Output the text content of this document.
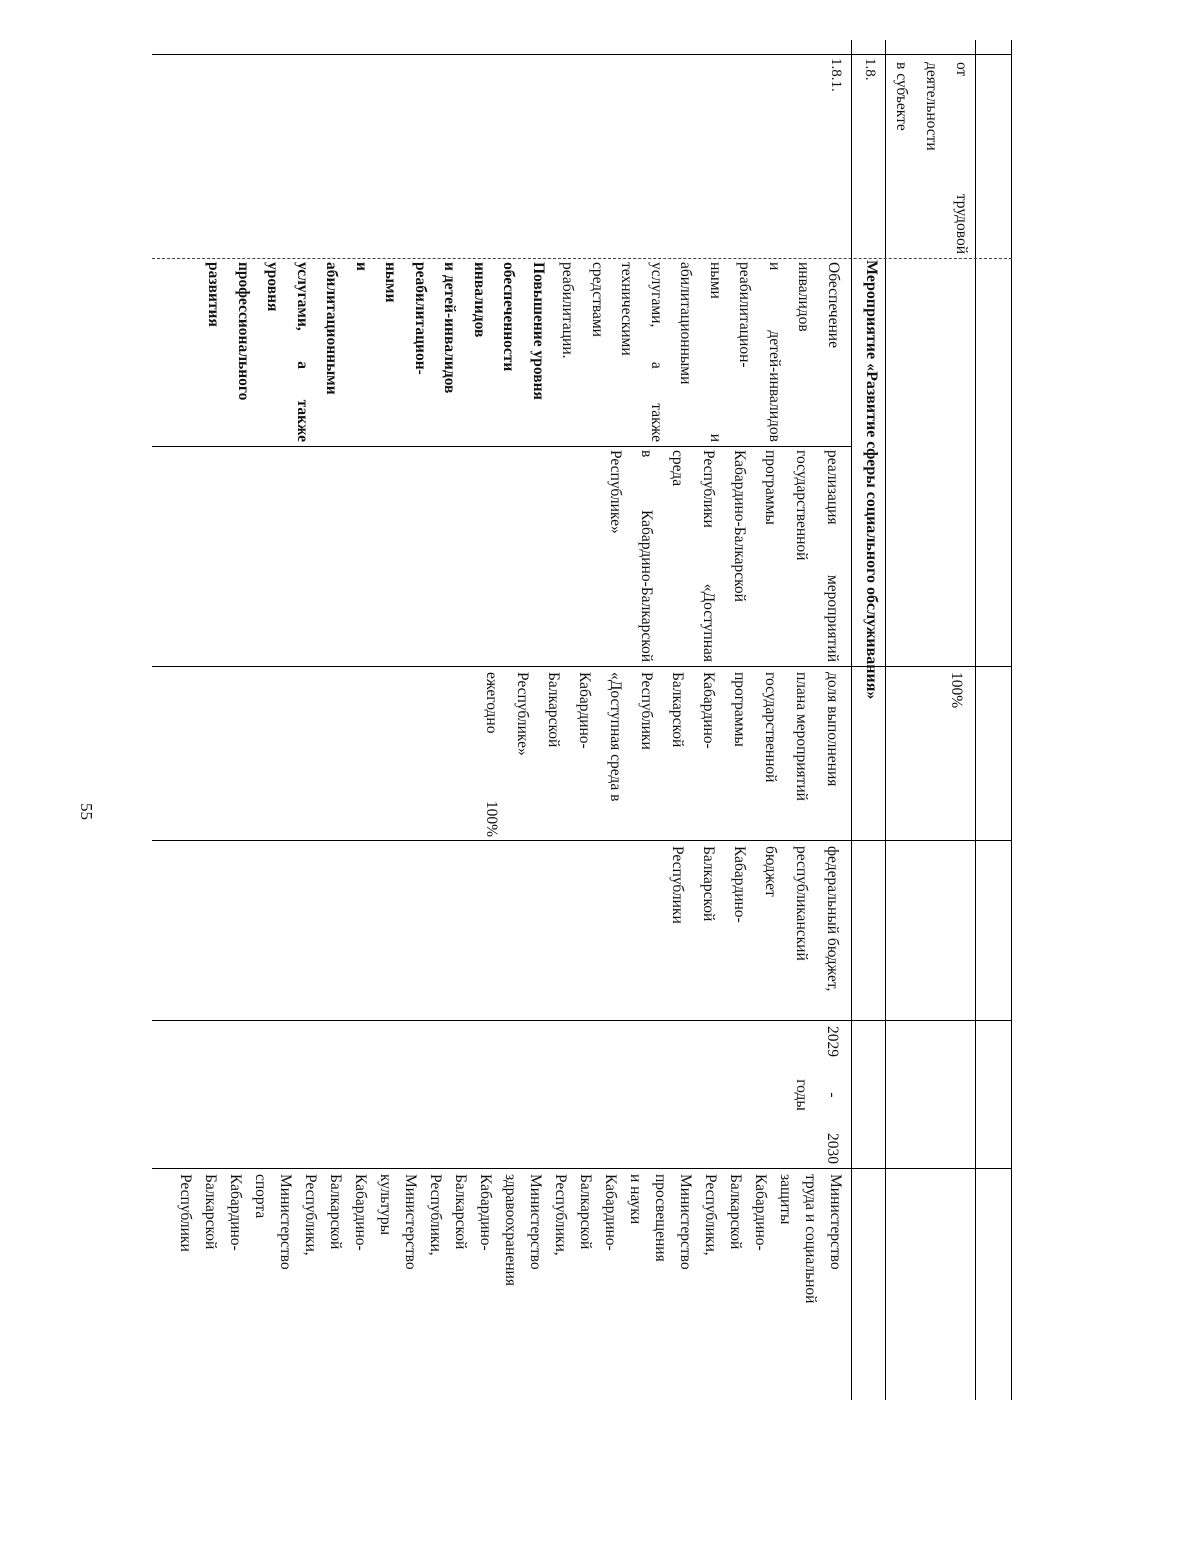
55
от трудовой
деятельности
в субъекте
100%
1.8.
Мероприятие «Развитие сферы социального обслуживания»
1.8.1.
Обеспечение
инвалидов
и детей-инвалидов
реабилитацион-
ными и
абилитационными
услугами, а также
техническими
средствами
реабилитации.
Повышение уровня
обеспеченности
инвалидов
и детей-инвалидов
реабилитацион-
ными
и
абилитационными
услугами, а также
уровня
профессионального
развития
реализация мероприятий
государственной
программы
Кабардино-Балкарской
Республики «Доступная
среда
в Кабардино-Балкарской
Республике»
доля выполнения
плана мероприятий
государственной
программы
Кабардино-
Балкарской
Республики
«Доступная среда в
Кабардино-
Балкарской
Республике»
ежегодно 100%
федеральный бюджет,
республиканский
бюджет
Кабардино-
Балкарской
Республики
2029 - 2030
годы
Министерство
труда и социальной
защиты
Кабардино-
Балкарской
Республики,
Министерство
просвещения
и науки
Кабардино-
Балкарской
Республики,
Министерство
здравоохранения
Кабардино-
Балкарской
Республики,
Министерство
культуры
Кабардино-
Балкарской
Республики,
Министерство
спорта
Кабардино-
Балкарской
Республики
